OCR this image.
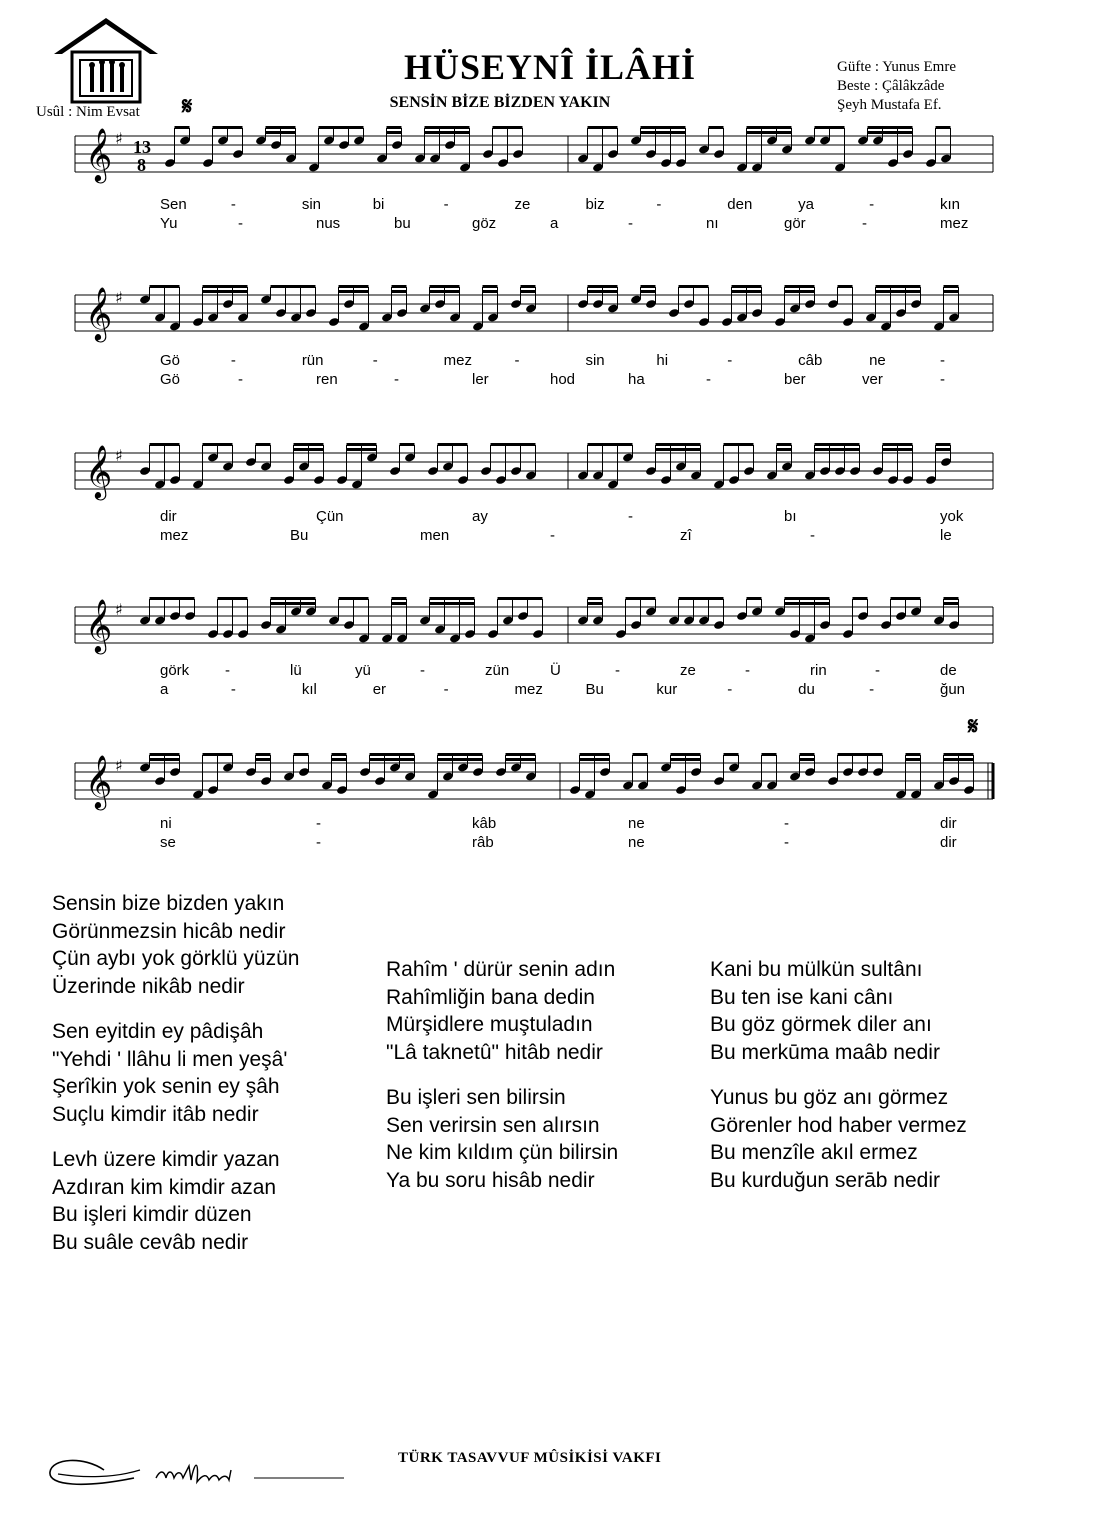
HÜSEYNÎ İLÂHİ
SENSİN BİZE BİZDEN YAKIN
Güfte : Yunus Emre
Beste : Çâlâkzâde
Şeyh Mustafa Ef.
Usûl : Nim Evsat 𝄋
𝄋
𝄞 ♯ 13
8
𝄞 ♯
𝄞 ♯
𝄞 ♯
𝄞 ♯
Sen	-	sin	bi	-	ze	biz	-	den	ya	-	kın
Yu	-	nus	bu	göz	a	-	nı	gör	-	mez
Gö	-	rün	-	mez	-	sin	hi	-	câb	ne	-
Gö	-	ren	-	ler	hod	ha	-	ber	ver	-
dir	Çün	ay	-	bı	yok
mez	Bu	men	-	zî	-	le
görk -	lü	yü	-	zün	Ü	-	ze	-	rin	-	de
a	-	kıl	er	-	mez	Bu	kur	-	du	-	ğun
ni	-	kâb	ne	-	dir
se	-	râb	ne	-	dir
Sensin bize bizden yakın
Görünmezsin hicâb nedir
Çün aybı yok görklü yüzün
Üzerinde nikâb nedir
Sen eyitdin ey pâdişâh
"Yehdi ' llâhu li men yeşâ'
Şerîkin yok senin ey şâh
Suçlu kimdir itâb nedir
Levh üzere kimdir yazan
Azdıran kim kimdir azan
Bu işleri kimdir düzen
Bu suâle cevâb nedir
Rahîm ' dürür senin adın
Rahîmliğin bana dedin
Mürşidlere muştuladın
"Lâ taknetû" hitâb nedir
Bu işleri sen bilirsin
Sen verirsin sen alırsın
Ne kim kıldım çün bilirsin
Ya bu soru hisâb nedir
Kani bu mülkün sultânı
Bu ten ise kani cânı
Bu göz görmek diler anı
Bu merkūma maâb nedir
Yunus bu göz anı görmez
Görenler hod haber vermez
Bu menzîle akıl ermez
Bu kurduğun serāb nedir
TÜRK TASAVVUF MÛSİKİSİ VAKFI
